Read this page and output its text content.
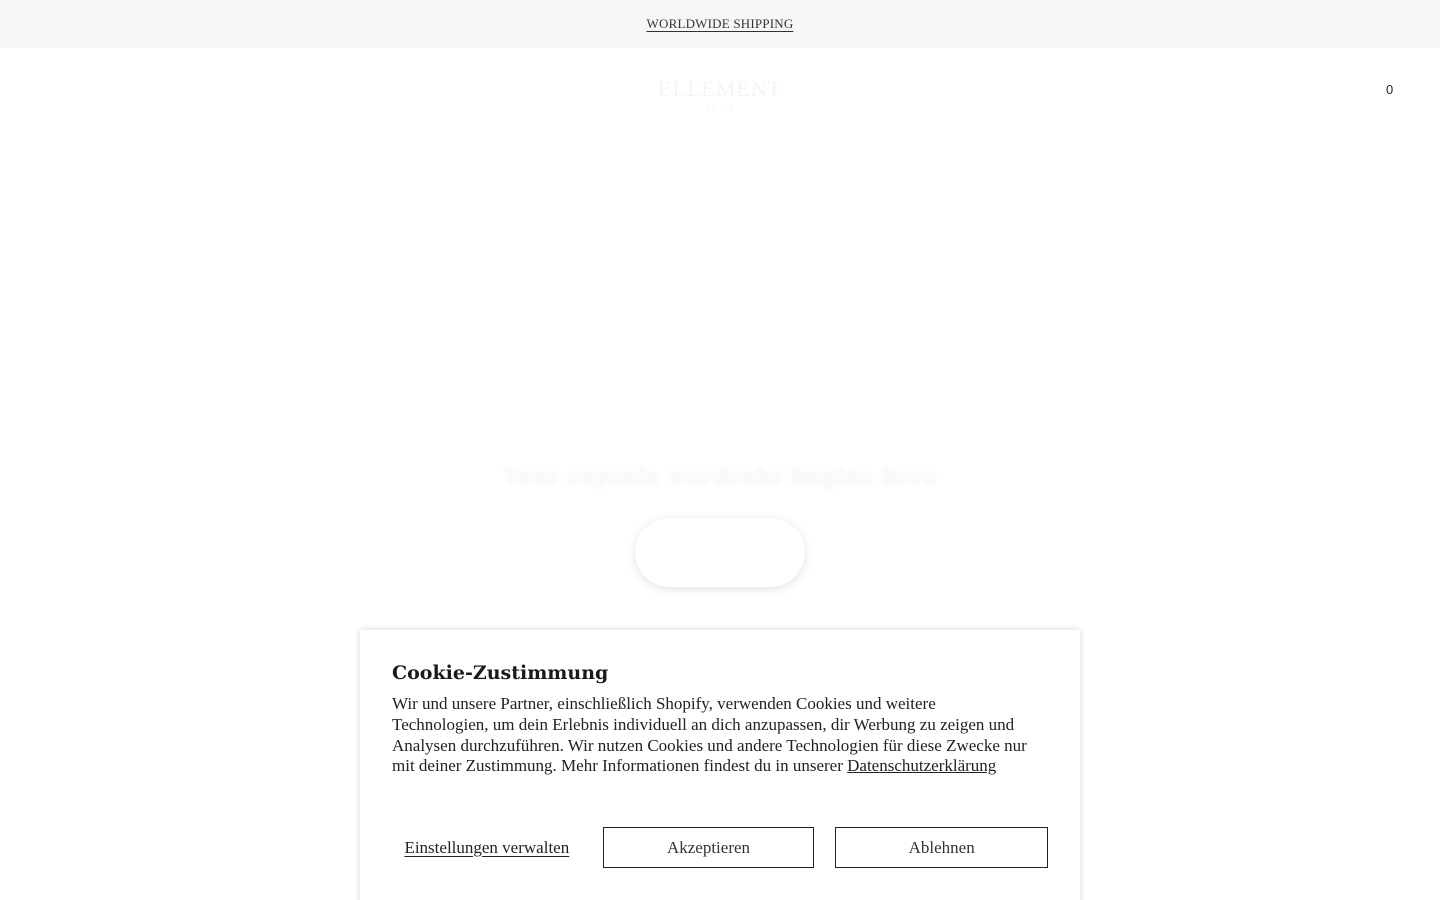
WORLDWIDE SHIPPING
ELLEMENT
SHOP
0
Your capsule wardrobe begins here
Cookie-Zustimmung

Wir und unsere Partner, einschließlich Shopify, verwenden Cookies und weitere Technologien, um dein Erlebnis individuell an dich anzupassen, dir Werbung zu zeigen und Analysen durchzuführen. Wir nutzen Cookies und andere Technologien für diese Zwecke nur mit deiner Zustimmung. Mehr Informationen findest du in unserer Datenschutzerklärung

Einstellungen verwalten	Akzeptieren	Ablehnen
